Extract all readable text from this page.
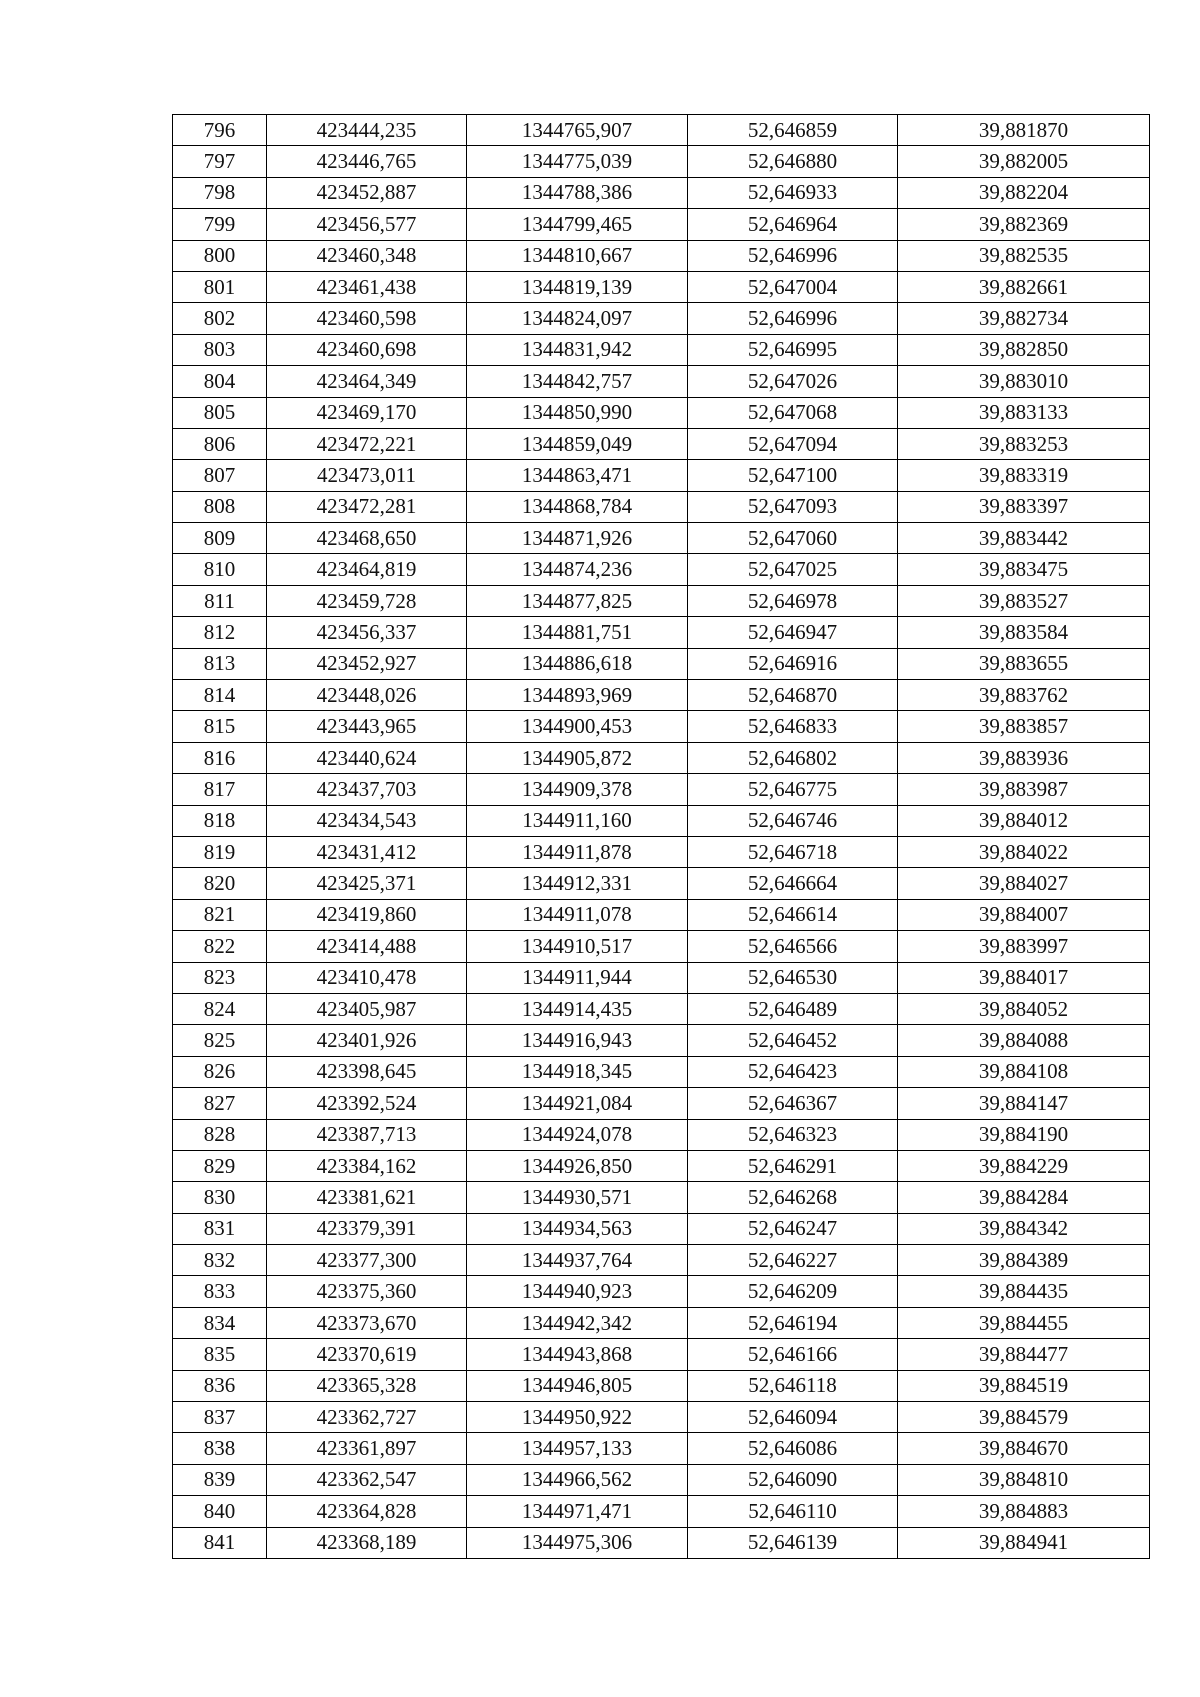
796	423444,235	1344765,907	52,646859	39,881870
797	423446,765	1344775,039	52,646880	39,882005
798	423452,887	1344788,386	52,646933	39,882204
799	423456,577	1344799,465	52,646964	39,882369
800	423460,348	1344810,667	52,646996	39,882535
801	423461,438	1344819,139	52,647004	39,882661
802	423460,598	1344824,097	52,646996	39,882734
803	423460,698	1344831,942	52,646995	39,882850
804	423464,349	1344842,757	52,647026	39,883010
805	423469,170	1344850,990	52,647068	39,883133
806	423472,221	1344859,049	52,647094	39,883253
807	423473,011	1344863,471	52,647100	39,883319
808	423472,281	1344868,784	52,647093	39,883397
809	423468,650	1344871,926	52,647060	39,883442
810	423464,819	1344874,236	52,647025	39,883475
811	423459,728	1344877,825	52,646978	39,883527
812	423456,337	1344881,751	52,646947	39,883584
813	423452,927	1344886,618	52,646916	39,883655
814	423448,026	1344893,969	52,646870	39,883762
815	423443,965	1344900,453	52,646833	39,883857
816	423440,624	1344905,872	52,646802	39,883936
817	423437,703	1344909,378	52,646775	39,883987
818	423434,543	1344911,160	52,646746	39,884012
819	423431,412	1344911,878	52,646718	39,884022
820	423425,371	1344912,331	52,646664	39,884027
821	423419,860	1344911,078	52,646614	39,884007
822	423414,488	1344910,517	52,646566	39,883997
823	423410,478	1344911,944	52,646530	39,884017
824	423405,987	1344914,435	52,646489	39,884052
825	423401,926	1344916,943	52,646452	39,884088
826	423398,645	1344918,345	52,646423	39,884108
827	423392,524	1344921,084	52,646367	39,884147
828	423387,713	1344924,078	52,646323	39,884190
829	423384,162	1344926,850	52,646291	39,884229
830	423381,621	1344930,571	52,646268	39,884284
831	423379,391	1344934,563	52,646247	39,884342
832	423377,300	1344937,764	52,646227	39,884389
833	423375,360	1344940,923	52,646209	39,884435
834	423373,670	1344942,342	52,646194	39,884455
835	423370,619	1344943,868	52,646166	39,884477
836	423365,328	1344946,805	52,646118	39,884519
837	423362,727	1344950,922	52,646094	39,884579
838	423361,897	1344957,133	52,646086	39,884670
839	423362,547	1344966,562	52,646090	39,884810
840	423364,828	1344971,471	52,646110	39,884883
841	423368,189	1344975,306	52,646139	39,884941
